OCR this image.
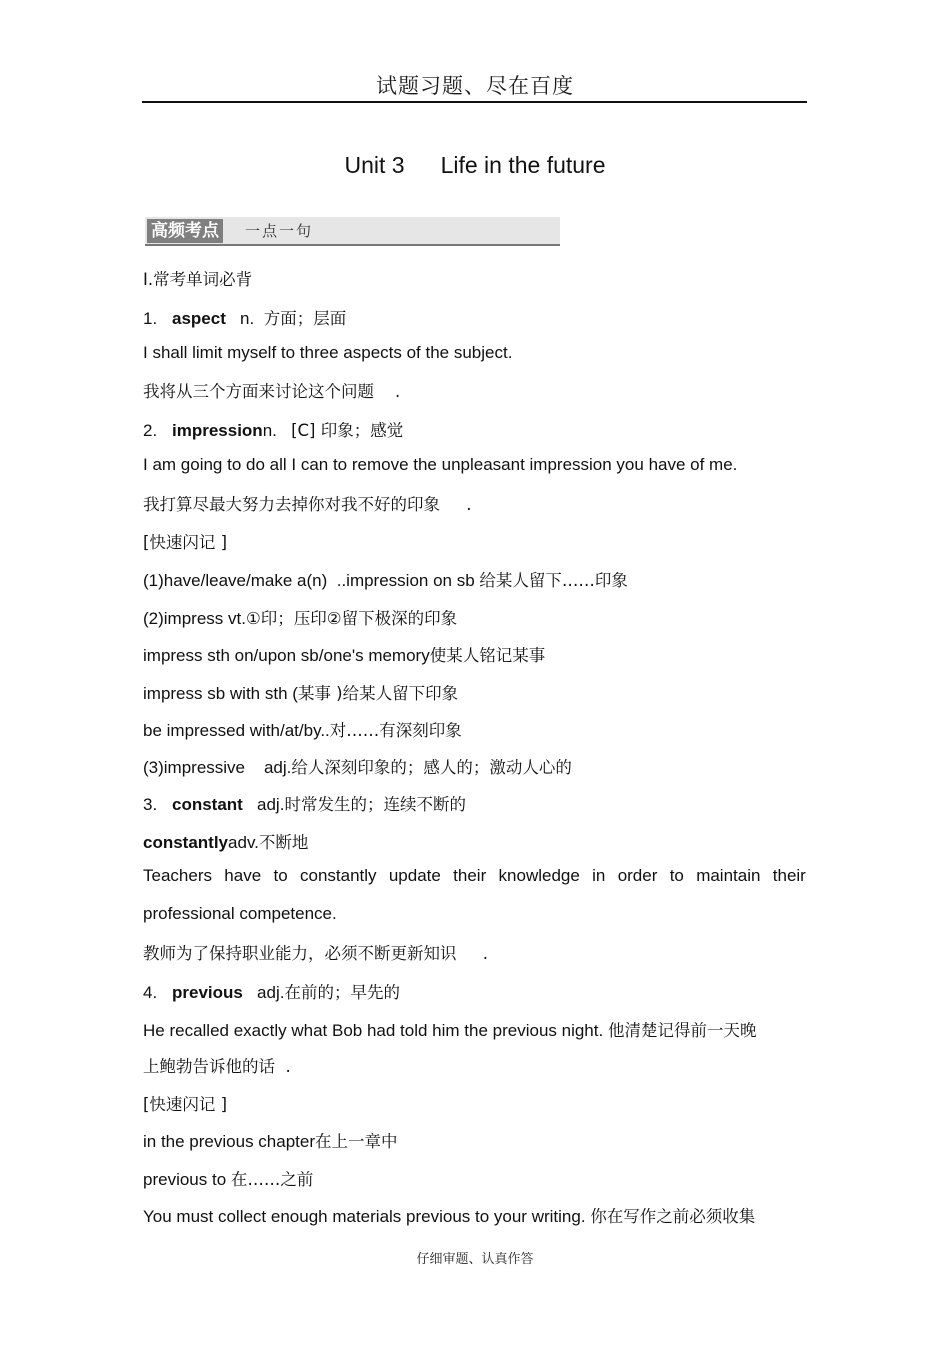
试题习题、尽在百度
Unit 3 Life in the future
高频考点 一点一句
Ⅰ.常考单词必背
1. aspect n. 方面；层面
I shall limit myself to three aspects of the subject.
我将从三个方面来讨论这个问题 .
2. impressionn. [C] 印象；感觉
I am going to do all I can to remove the unpleasant impression you have of me.
我打算尽最大努力去掉你对我不好的印象 .
[快速闪记 ]
(1)have/leave/make a(n) ..impression on sb 给某人留下……印象
(2)impress vt.①印；压印②留下极深的印象
impress sth on/upon sb/one's memory使某人铭记某事
impress sb with sth (某事 )给某人留下印象
be impressed with/at/by..对……有深刻印象
(3)impressive adj.给人深刻印象的；感人的；激动人心的
3. constant adj.时常发生的；连续不断的
constantlyadv.不断地
Teachers have to constantly update their knowledge in order to maintain their
professional competence.
教师为了保持职业能力，必须不断更新知识 .
4. previous adj.在前的；早先的
He recalled exactly what Bob had told him the previous night. 他清楚记得前一天晚
上鲍勃告诉他的话 .
[快速闪记 ]
in the previous chapter在上一章中
previous to 在……之前
You must collect enough materials previous to your writing. 你在写作之前必须收集
仔细审题、认真作答
